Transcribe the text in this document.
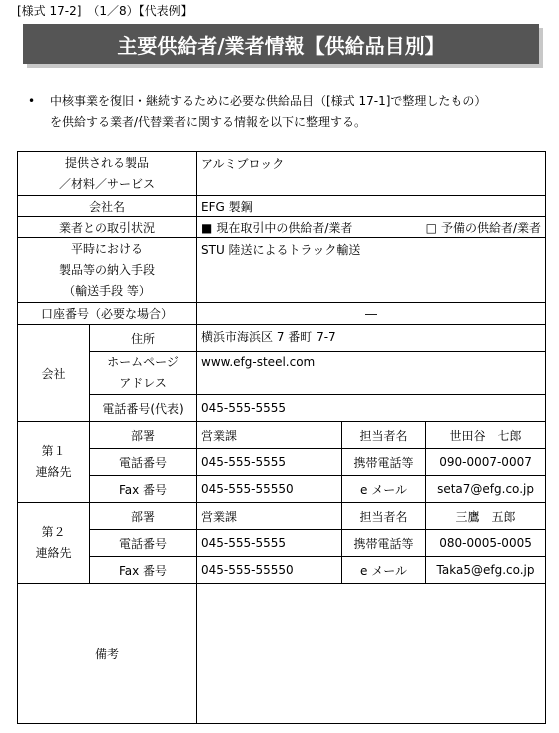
[様式 17-2]　（1／8）【代表例】
主要供給者/業者情報【供給品目別】
• 中核事業を復旧・継続するために必要な供給品目（[様式 17-1]で整理したもの）
を供給する業者/代替業者に関する情報を以下に整理する。
提供される製品
／材料／サービス		アルミブロック		
会社名		EFG 製鋼		
業者との取引状況		■ 現在取引中の供給者/業者 □ 予備の供給者/業者		

平時における
製品等の納入手段
（輸送手段 等）		STU 陸送によるトラック輸送		
口座番号（必要な場合）		―		
会社	住所	横浜市海浜区 7 番町 7-7		

	ホームページ
アドレス	www.efg-steel.com		
	電話番号(代表)	045-555-5555		

第１
連絡先	部署	営業課	担当者名	世田谷　 七郎
	電話番号	045-555-5555	携帯電話等	090-0007-0007
	Fax 番号	045-555-55550	e メール	seta7@efg.co.jp

第２
連絡先	部署	営業課	担当者名	三鷹　 五郎
	電話番号	045-555-5555	携帯電話等	080-0005-0005
	Fax 番号	045-555-55550	e メール	Taka5@efg.co.jp
備考				
